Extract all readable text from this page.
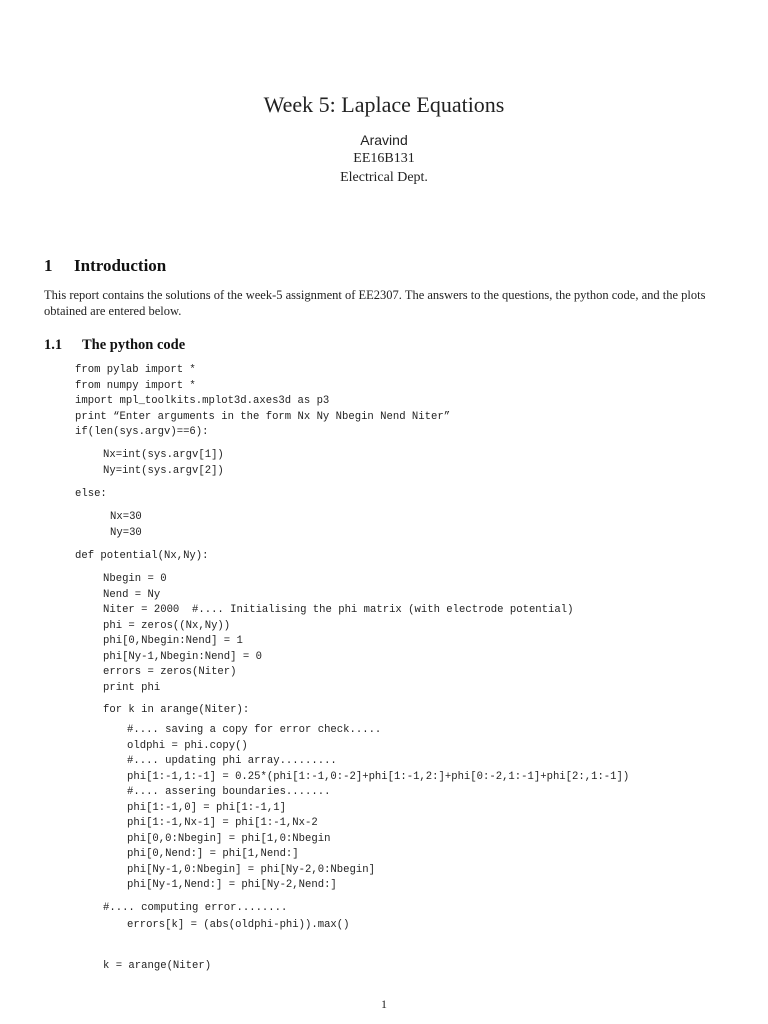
Week 5: Laplace Equations
Aravind
EE16B131
Electrical Dept.
1 Introduction
This report contains the solutions of the week-5 assignment of EE2307. The answers to the questions, the python code, and the plots obtained are entered below.
1.1 The python code
from pylab import *
from numpy import *
import mpl_toolkits.mplot3d.axes3d as p3
print “Enter arguments in the form Nx Ny Nbegin Nend Niter”
if(len(sys.argv)==6):
Nx=int(sys.argv[1])
Ny=int(sys.argv[2])
else:
Nx=30
Ny=30
def potential(Nx,Ny):
Nbegin = 0
Nend = Ny
Niter = 2000  #.... Initialising the phi matrix (with electrode potential)
phi = zeros((Nx,Ny))
phi[0,Nbegin:Nend] = 1
phi[Ny-1,Nbegin:Nend] = 0
errors = zeros(Niter)
print phi
for k in arange(Niter):
#.... saving a copy for error check.....
oldphi = phi.copy()
#.... updating phi array.........
phi[1:-1,1:-1] = 0.25*(phi[1:-1,0:-2]+phi[1:-1,2:]+phi[0:-2,1:-1]+phi[2:,1:-1])
#.... assering boundaries.......
phi[1:-1,0] = phi[1:-1,1]
phi[1:-1,Nx-1] = phi[1:-1,Nx-2
phi[0,0:Nbegin] = phi[1,0:Nbegin
phi[0,Nend:] = phi[1,Nend:]
phi[Ny-1,0:Nbegin] = phi[Ny-2,0:Nbegin]
phi[Ny-1,Nend:] = phi[Ny-2,Nend:]
#.... computing error........
errors[k] = (abs(oldphi-phi)).max()
k = arange(Niter)
1
